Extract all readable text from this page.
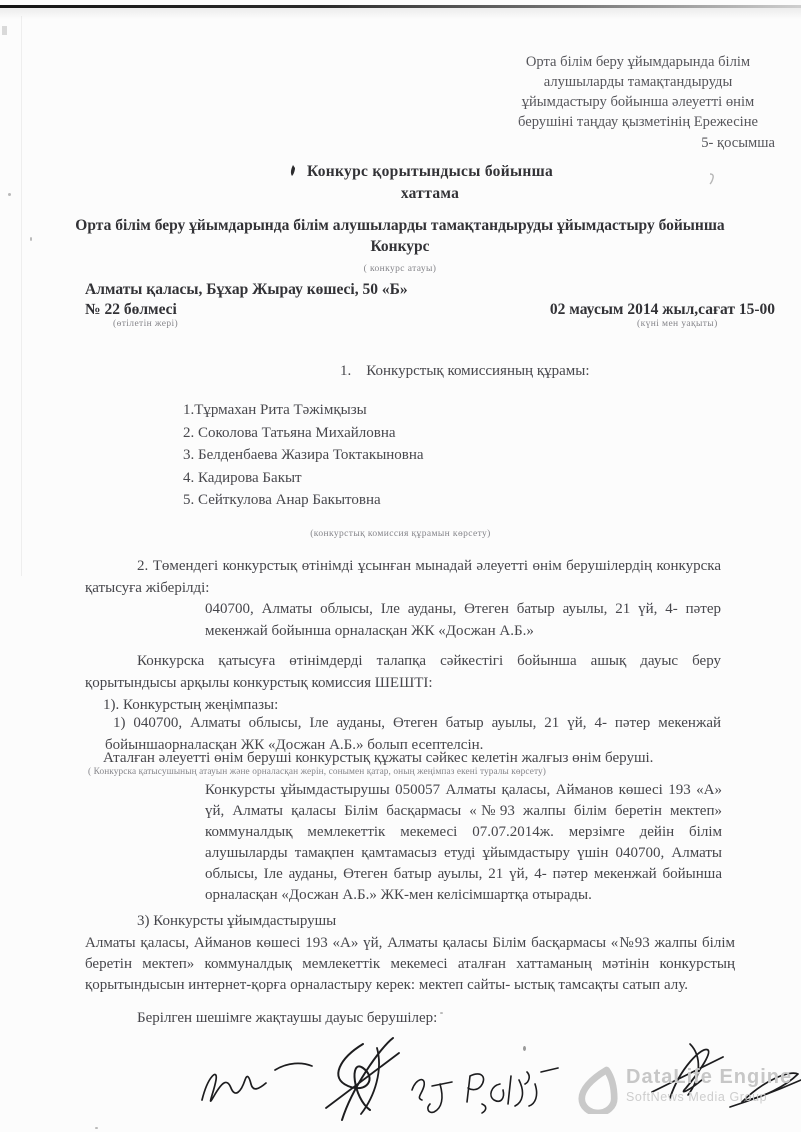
Орта білім беру ұйымдарында білім
алушыларды тамақтандыруды
ұйымдастыру бойынша әлеуетті өнім
берушіні таңдау қызметінің Ережесіне
5- қосымша
Конкурс қорытындысы бойынша
хаттама
Орта білім беру ұйымдарында білім алушыларды тамақтандыруды ұйымдастыру бойынша
Конкурс
( конкурс атауы)
Алматы қаласы, Бұхар Жырау көшесі, 50 «Б»
№ 22 бөлмесі	02 маусым 2014 жыл,сағат 15-00
(өтілетін жері)	(күні мен уақыты)
1.    Конкурстық комиссияның құрамы:
1.Тұрмахан Рита Тәжімқызы
2. Соколова Татьяна Михайловна
3. Белденбаева Жазира Токтакыновна
4. Кадирова Бакыт
5. Сейткулова Анар Бакытовна
(конкурстық комиссия құрамын көрсету)
2. Төмендегі конкурстық өтінімді ұсынған мынадай әлеуетті өнім берушілердің конкурска қатысуға жіберілді:
040700, Алматы облысы, Іле ауданы, Өтеген батыр ауылы, 21 үй, 4- пәтер мекенжай бойынша орналасқан ЖК «Досжан А.Б.»
Конкурска қатысуға өтінімдерді талапқа сәйкестігі бойынша ашық дауыс беру қорытындысы арқылы конкурстық комиссия ШЕШТІ:
1). Конкурстың жеңімпазы:
1) 040700, Алматы облысы, Іле ауданы, Өтеген батыр ауылы, 21 үй, 4- пәтер мекенжай бойыншаорналасқан ЖК «Досжан А.Б.» болып есептелсін.
Аталған әлеуетті өнім беруші конкурстық құжаты сәйкес келетін жалғыз өнім беруші.
( Конкурска қатысушының атауын және орналасқан жерін, сонымен қатар, оның жеңімпаз екені туралы көрсету)
Конкурсты ұйымдастырушы 050057 Алматы қаласы, Айманов көшесі 193 «А» үй, Алматы қаласы Білім басқармасы «№93 жалпы білім беретін мектеп» коммуналдық мемлекеттік мекемесі 07.07.2014ж. мерзімге дейін білім алушыларды тамақпен қамтамасыз етуді ұйымдастыру үшін 040700, Алматы облысы, Іле ауданы, Өтеген батыр ауылы, 21 үй, 4- пәтер мекенжай бойынша орналасқан «Досжан А.Б.» ЖК-мен келісімшартқа отырады.
3) Конкурсты ұйымдастырушы
Алматы қаласы, Айманов көшесі 193 «А» үй, Алматы қаласы Білім басқармасы «№93 жалпы білім беретін мектеп» коммуналдық мемлекеттік мекемесі аталған хаттаманың мәтінін конкурстың қорытындысын интернет-қорға орналастыру керек: мектеп сайты- ыстық тамсақты сатып алу.
Берілген шешімге жақтаушы дауыс берушілер:
DataLife Engine
SoftNews Media Group
